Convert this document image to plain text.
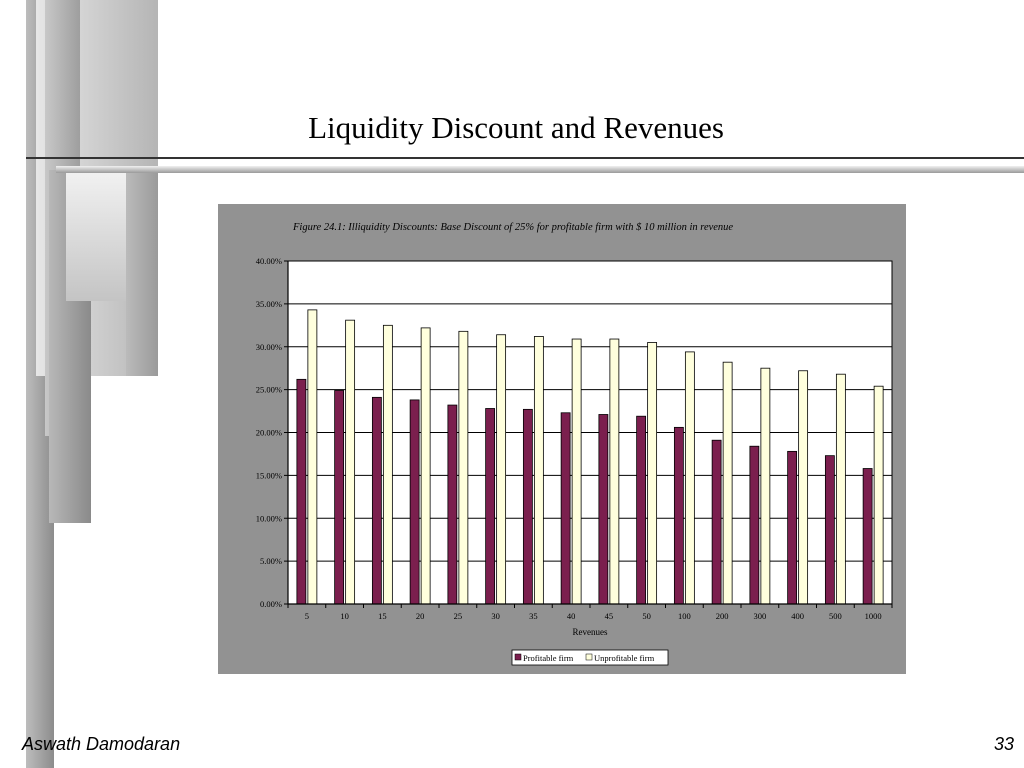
Liquidity Discount and Revenues
Figure 24.1: Illiquidity Discounts: Base Discount of 25% for profitable firm with $ 10 million in revenue
0.00%
5.00%
10.00%
15.00%
20.00%
25.00%
30.00%
35.00%
40.00%
5	10	15	20	25	30	35	40	45	50	100	200	300	400	500	1000
Revenues
Profitable firm Unprofitable firm
Aswath Damodaran	33
